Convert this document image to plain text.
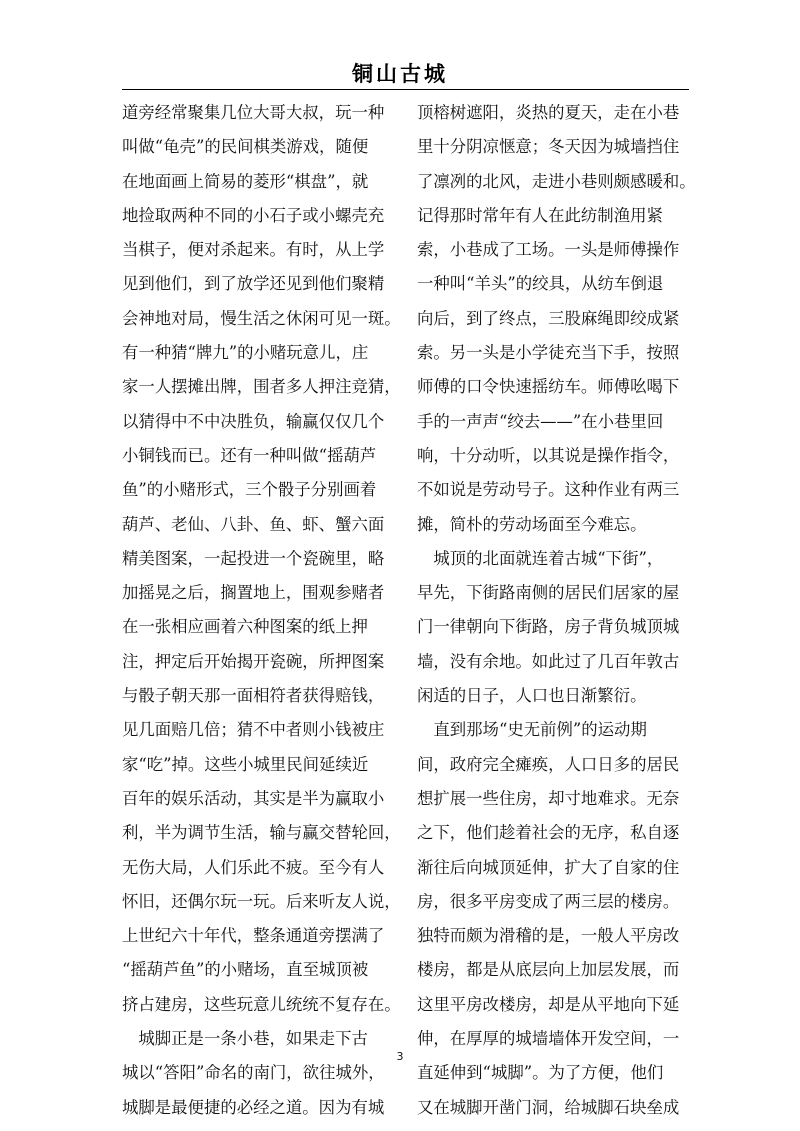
铜山古城
道旁经常聚集几位大哥大叔，玩一种
叫做“龟壳”的民间棋类游戏，随便
在地面画上简易的菱形“棋盘”，就
地捡取两种不同的小石子或小螺壳充
当棋子，便对杀起来。有时，从上学
见到他们，到了放学还见到他们聚精
会神地对局，慢生活之休闲可见一斑。
有一种猜“牌九”的小赌玩意儿，庄
家一人摆摊出牌，围者多人押注竞猜，
以猜得中不中决胜负，输赢仅仅几个
小铜钱而已。还有一种叫做“摇葫芦
鱼”的小赌形式，三个骰子分别画着
葫芦、老仙、八卦、鱼、虾、蟹六面
精美图案，一起投进一个瓷碗里，略
加摇晃之后，搁置地上，围观参赌者
在一张相应画着六种图案的纸上押
注，押定后开始揭开瓷碗，所押图案
与骰子朝天那一面相符者获得赔钱，
见几面赔几倍；猜不中者则小钱被庄
家“吃”掉。这些小城里民间延续近
百年的娱乐活动，其实是半为赢取小
利，半为调节生活，输与赢交替轮回，
无伤大局，人们乐此不疲。至今有人
怀旧，还偶尔玩一玩。后来听友人说，
上世纪六十年代，整条通道旁摆满了
“摇葫芦鱼”的小赌场，直至城顶被
挤占建房，这些玩意儿统统不复存在。
　城脚正是一条小巷，如果走下古
城以“答阳”命名的南门，欲往城外，
城脚是最便捷的必经之道。因为有城
顶榕树遮阳，炎热的夏天，走在小巷
里十分阴凉惬意；冬天因为城墙挡住
了凛冽的北风，走进小巷则颇感暖和。
记得那时常年有人在此纺制渔用紧
索，小巷成了工场。一头是师傅操作
一种叫“羊头”的绞具，从纺车倒退
向后，到了终点，三股麻绳即绞成紧
索。另一头是小学徒充当下手，按照
师傅的口令快速摇纺车。师傅吆喝下
手的一声声“绞去——”在小巷里回
响，十分动听，以其说是操作指令，
不如说是劳动号子。这种作业有两三
摊，简朴的劳动场面至今难忘。
　城顶的北面就连着古城“下街”，
早先，下街路南侧的居民们居家的屋
门一律朝向下街路，房子背负城顶城
墙，没有余地。如此过了几百年敦古
闲适的日子，人口也日渐繁衍。
　直到那场“史无前例”的运动期
间，政府完全瘫痪，人口日多的居民
想扩展一些住房，却寸地难求。无奈
之下，他们趁着社会的无序，私自逐
渐往后向城顶延伸，扩大了自家的住
房，很多平房变成了两三层的楼房。
独特而颇为滑稽的是，一般人平房改
楼房，都是从底层向上加层发展，而
这里平房改楼房，却是从平地向下延
伸，在厚厚的城墙墙体开发空间，一
直延伸到“城脚”。为了方便，他们
又在城脚开凿门洞，给城脚石块垒成
3
